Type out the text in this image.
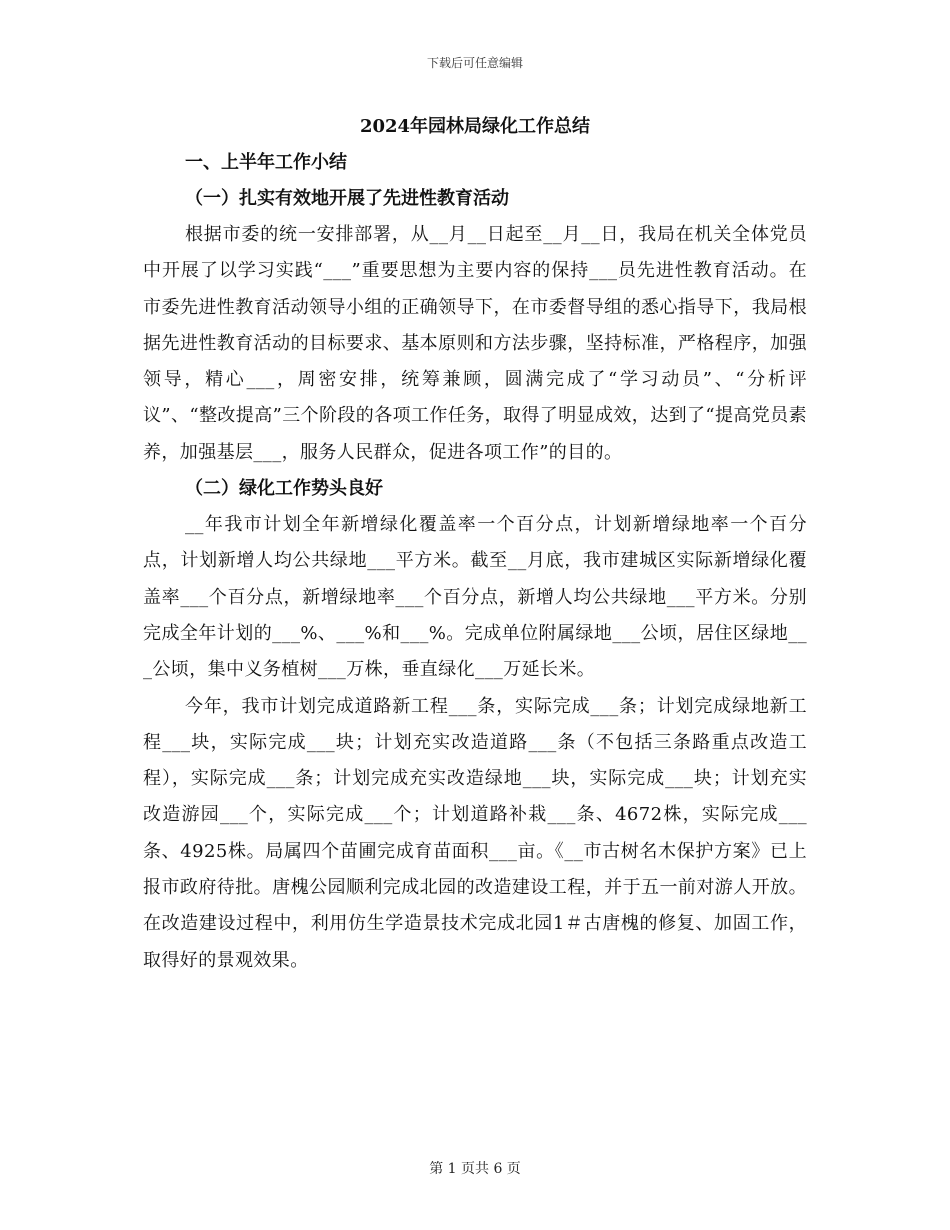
下载后可任意编辑
2024年园林局绿化工作总结
一、上半年工作小结
（一）扎实有效地开展了先进性教育活动

根据市委的统一安排部署，从__月__日起至__月__日，我局在机关全体党员中开展了以学习实践“___”重要思想为主要内容的保持___员先进性教育活动。在市委先进性教育活动领导小组的正确领导下，在市委督导组的悉心指导下，我局根据先进性教育活动的目标要求、基本原则和方法步骤，坚持标准，严格程序，加强领导，精心___，周密安排，统筹兼顾，圆满完成了“学习动员”、“分析评议”、“整改提高”三个阶段的各项工作任务，取得了明显成效，达到了“提高党员素养，加强基层___，服务人民群众，促进各项工作”的目的。

（二）绿化工作势头良好

__年我市计划全年新增绿化覆盖率一个百分点，计划新增绿地率一个百分点，计划新增人均公共绿地___平方米。截至__月底，我市建城区实际新增绿化覆盖率___个百分点，新增绿地率___个百分点，新增人均公共绿地___平方米。分别完成全年计划的___%、___%和___%。完成单位附属绿地___公顷，居住区绿地___公顷，集中义务植树___万株，垂直绿化___万延长米。

今年，我市计划完成道路新工程___条，实际完成___条；计划完成绿地新工程___块，实际完成___块；计划充实改造道路___条（不包括三条路重点改造工程），实际完成___条；计划完成充实改造绿地___块，实际完成___块；计划充实改造游园___个，实际完成___个；计划道路补栽___条、4672株，实际完成___条、4925株。局属四个苗圃完成育苗面积___亩。《__市古树名木保护方案》已上报市政府待批。唐槐公园顺利完成北园的改造建设工程，并于五一前对游人开放。在改造建设过程中，利用仿生学造景技术完成北园1＃古唐槐的修复、加固工作，取得好的景观效果。

第 1 页共 6 页
